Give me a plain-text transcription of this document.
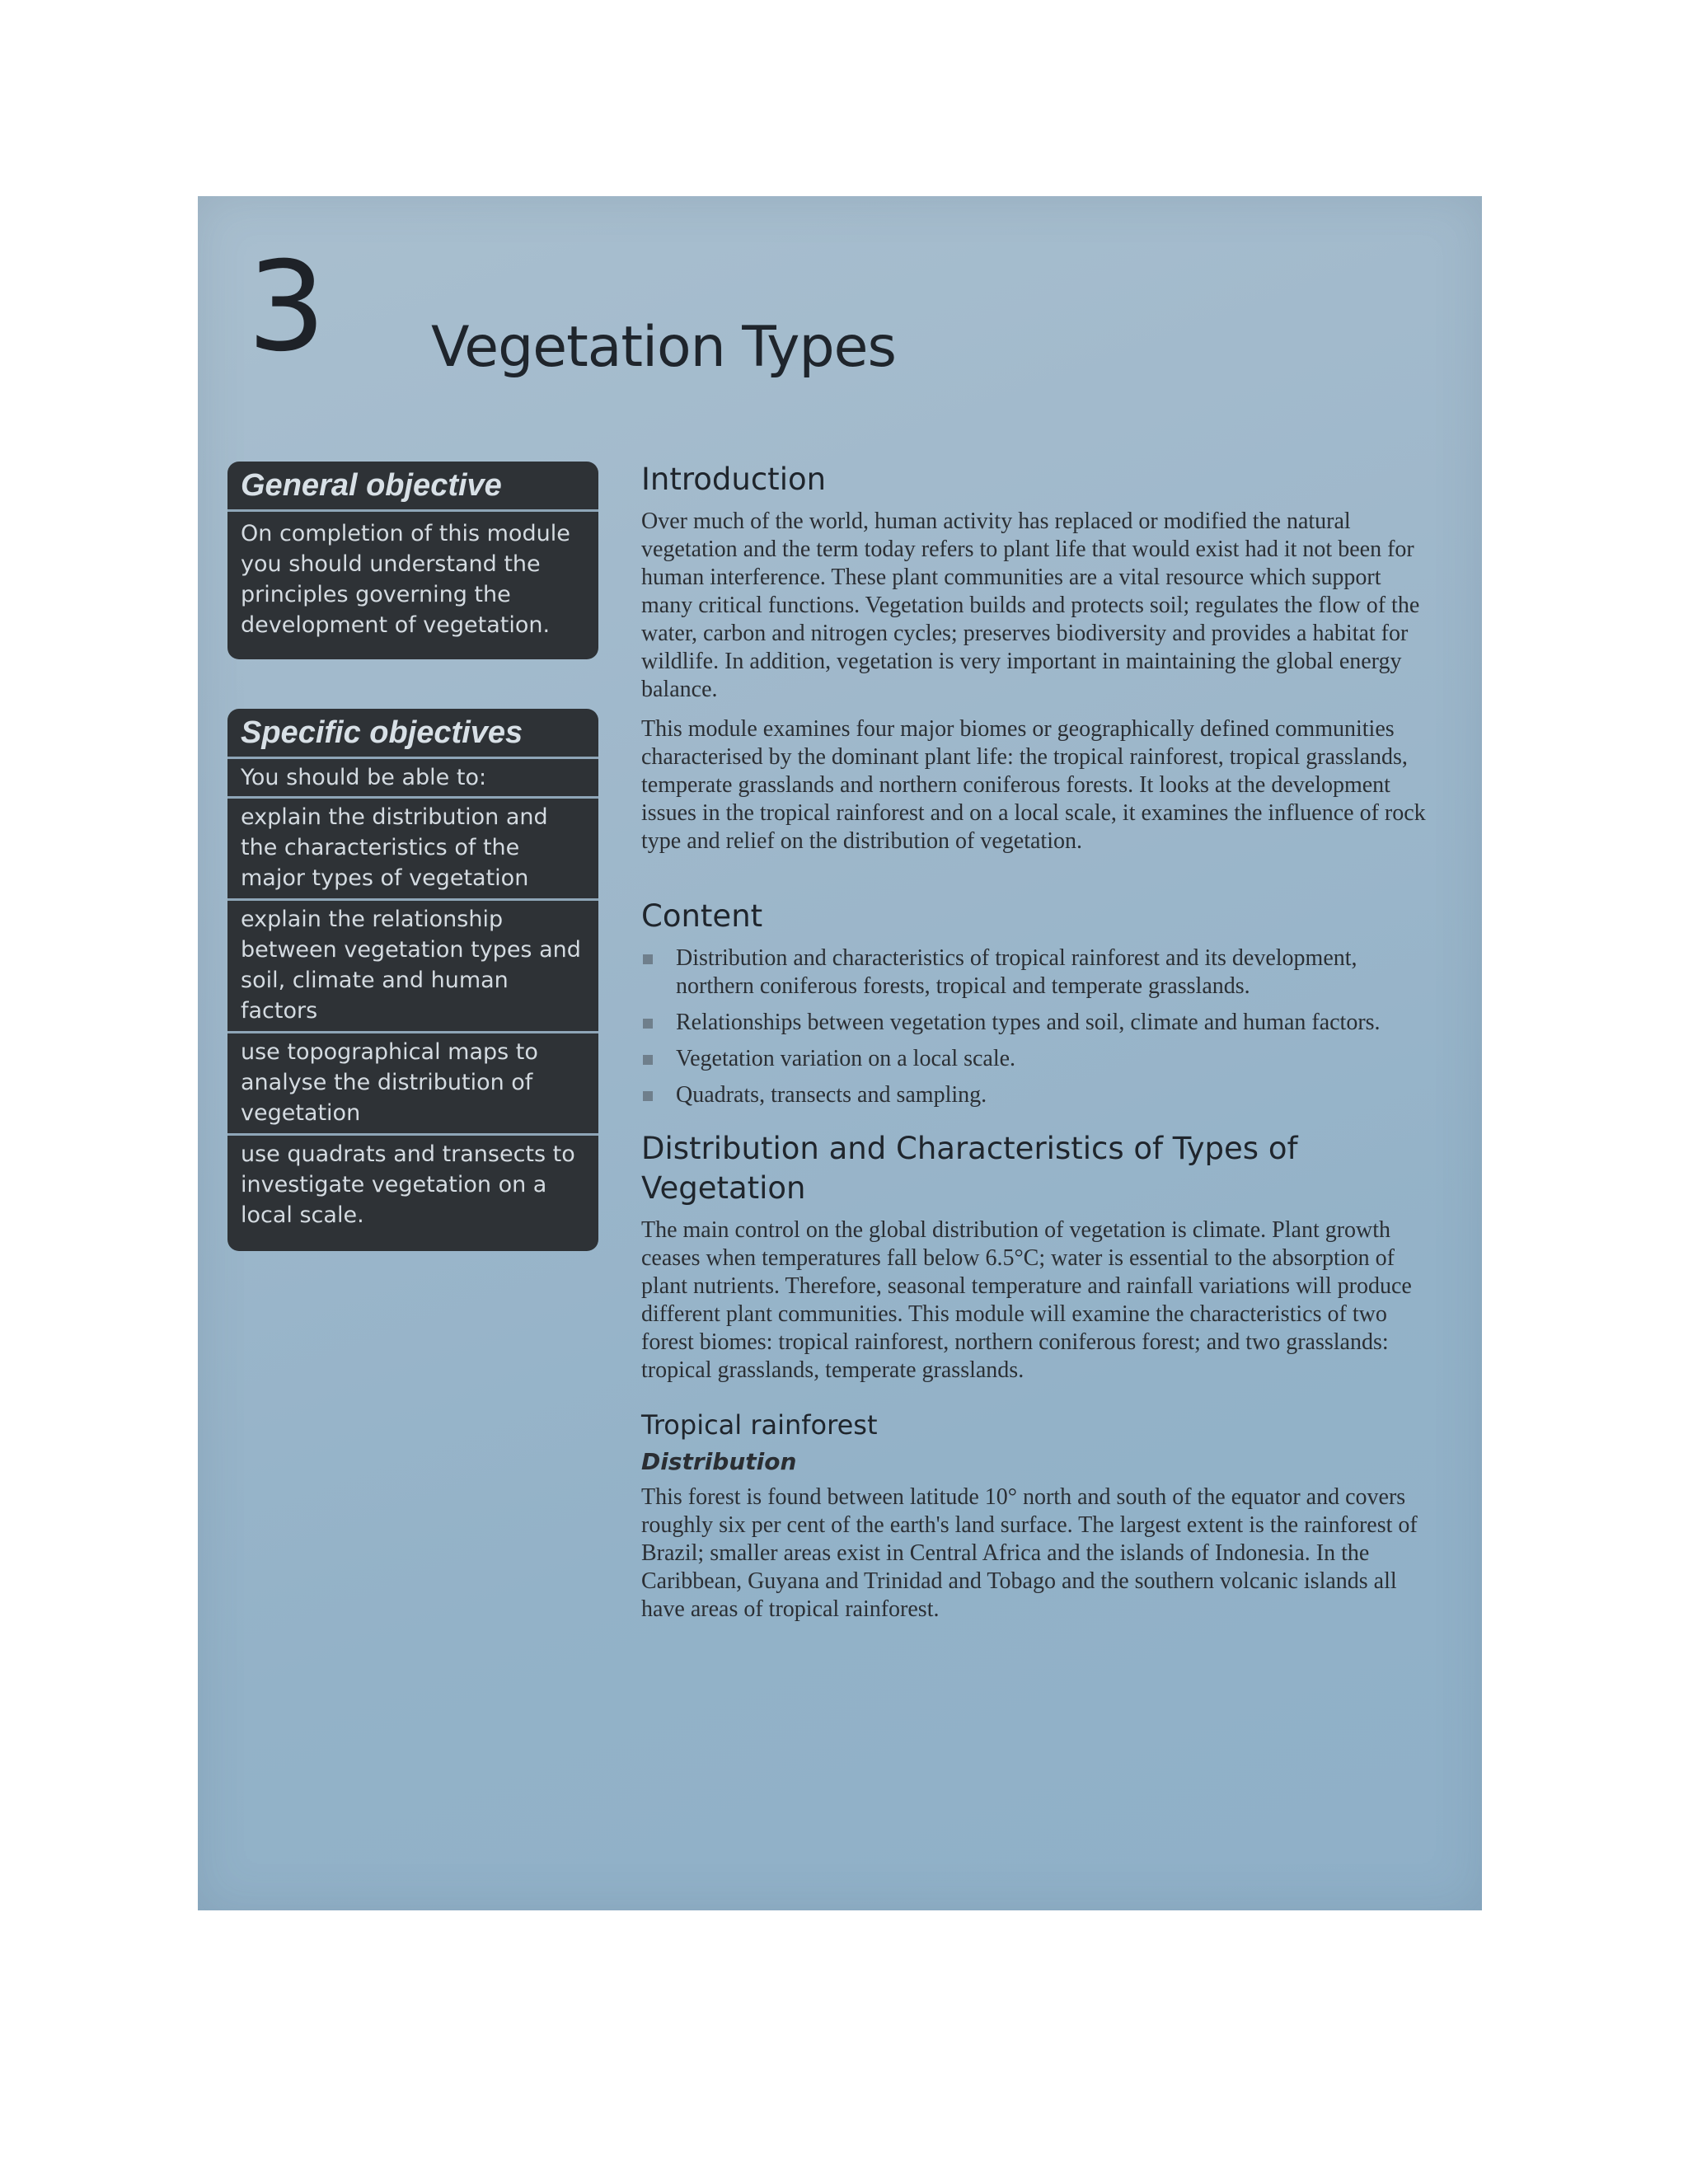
3 Vegetation Types
General objective
On completion of this module you should understand the principles governing the development of vegetation.
Specific objectives
You should be able to:
explain the distribution and the characteristics of the major types of vegetation
explain the relationship between vegetation types and soil, climate and human factors
use topographical maps to analyse the distribution of vegetation
use quadrats and transects to investigate vegetation on a local scale.
Introduction

Over much of the world, human activity has replaced or modified the natural vegetation and the term today refers to plant life that would exist had it not been for human interference. These plant communities are a vital resource which support many critical functions. Vegetation builds and protects soil; regulates the flow of the water, carbon and nitrogen cycles; preserves biodiversity and provides a habitat for wildlife. In addition, vegetation is very important in maintaining the global energy balance.

This module examines four major biomes or geographically defined communities characterised by the dominant plant life: the tropical rainforest, tropical grasslands, temperate grasslands and northern coniferous forests. It looks at the development issues in the tropical rainforest and on a local scale, it examines the influence of rock type and relief on the distribution of vegetation.

Content
Distribution and characteristics of tropical rainforest and its development, northern coniferous forests, tropical and temperate grasslands.
Relationships between vegetation types and soil, climate and human factors.
Vegetation variation on a local scale.
Quadrats, transects and sampling.
Distribution and Characteristics of Types of Vegetation

The main control on the global distribution of vegetation is climate. Plant growth ceases when temperatures fall below 6.5°C; water is essential to the absorption of plant nutrients. Therefore, seasonal temperature and rainfall variations will produce different plant communities. This module will examine the characteristics of two forest biomes: tropical rainforest, northern coniferous forest; and two grasslands: tropical grasslands, temperate grasslands.

Tropical rainforest
Distribution

This forest is found between latitude 10° north and south of the equator and covers roughly six per cent of the earth's land surface. The largest extent is the rainforest of Brazil; smaller areas exist in Central Africa and the islands of Indonesia. In the Caribbean, Guyana and Trinidad and Tobago and the southern volcanic islands all have areas of tropical rainforest.
